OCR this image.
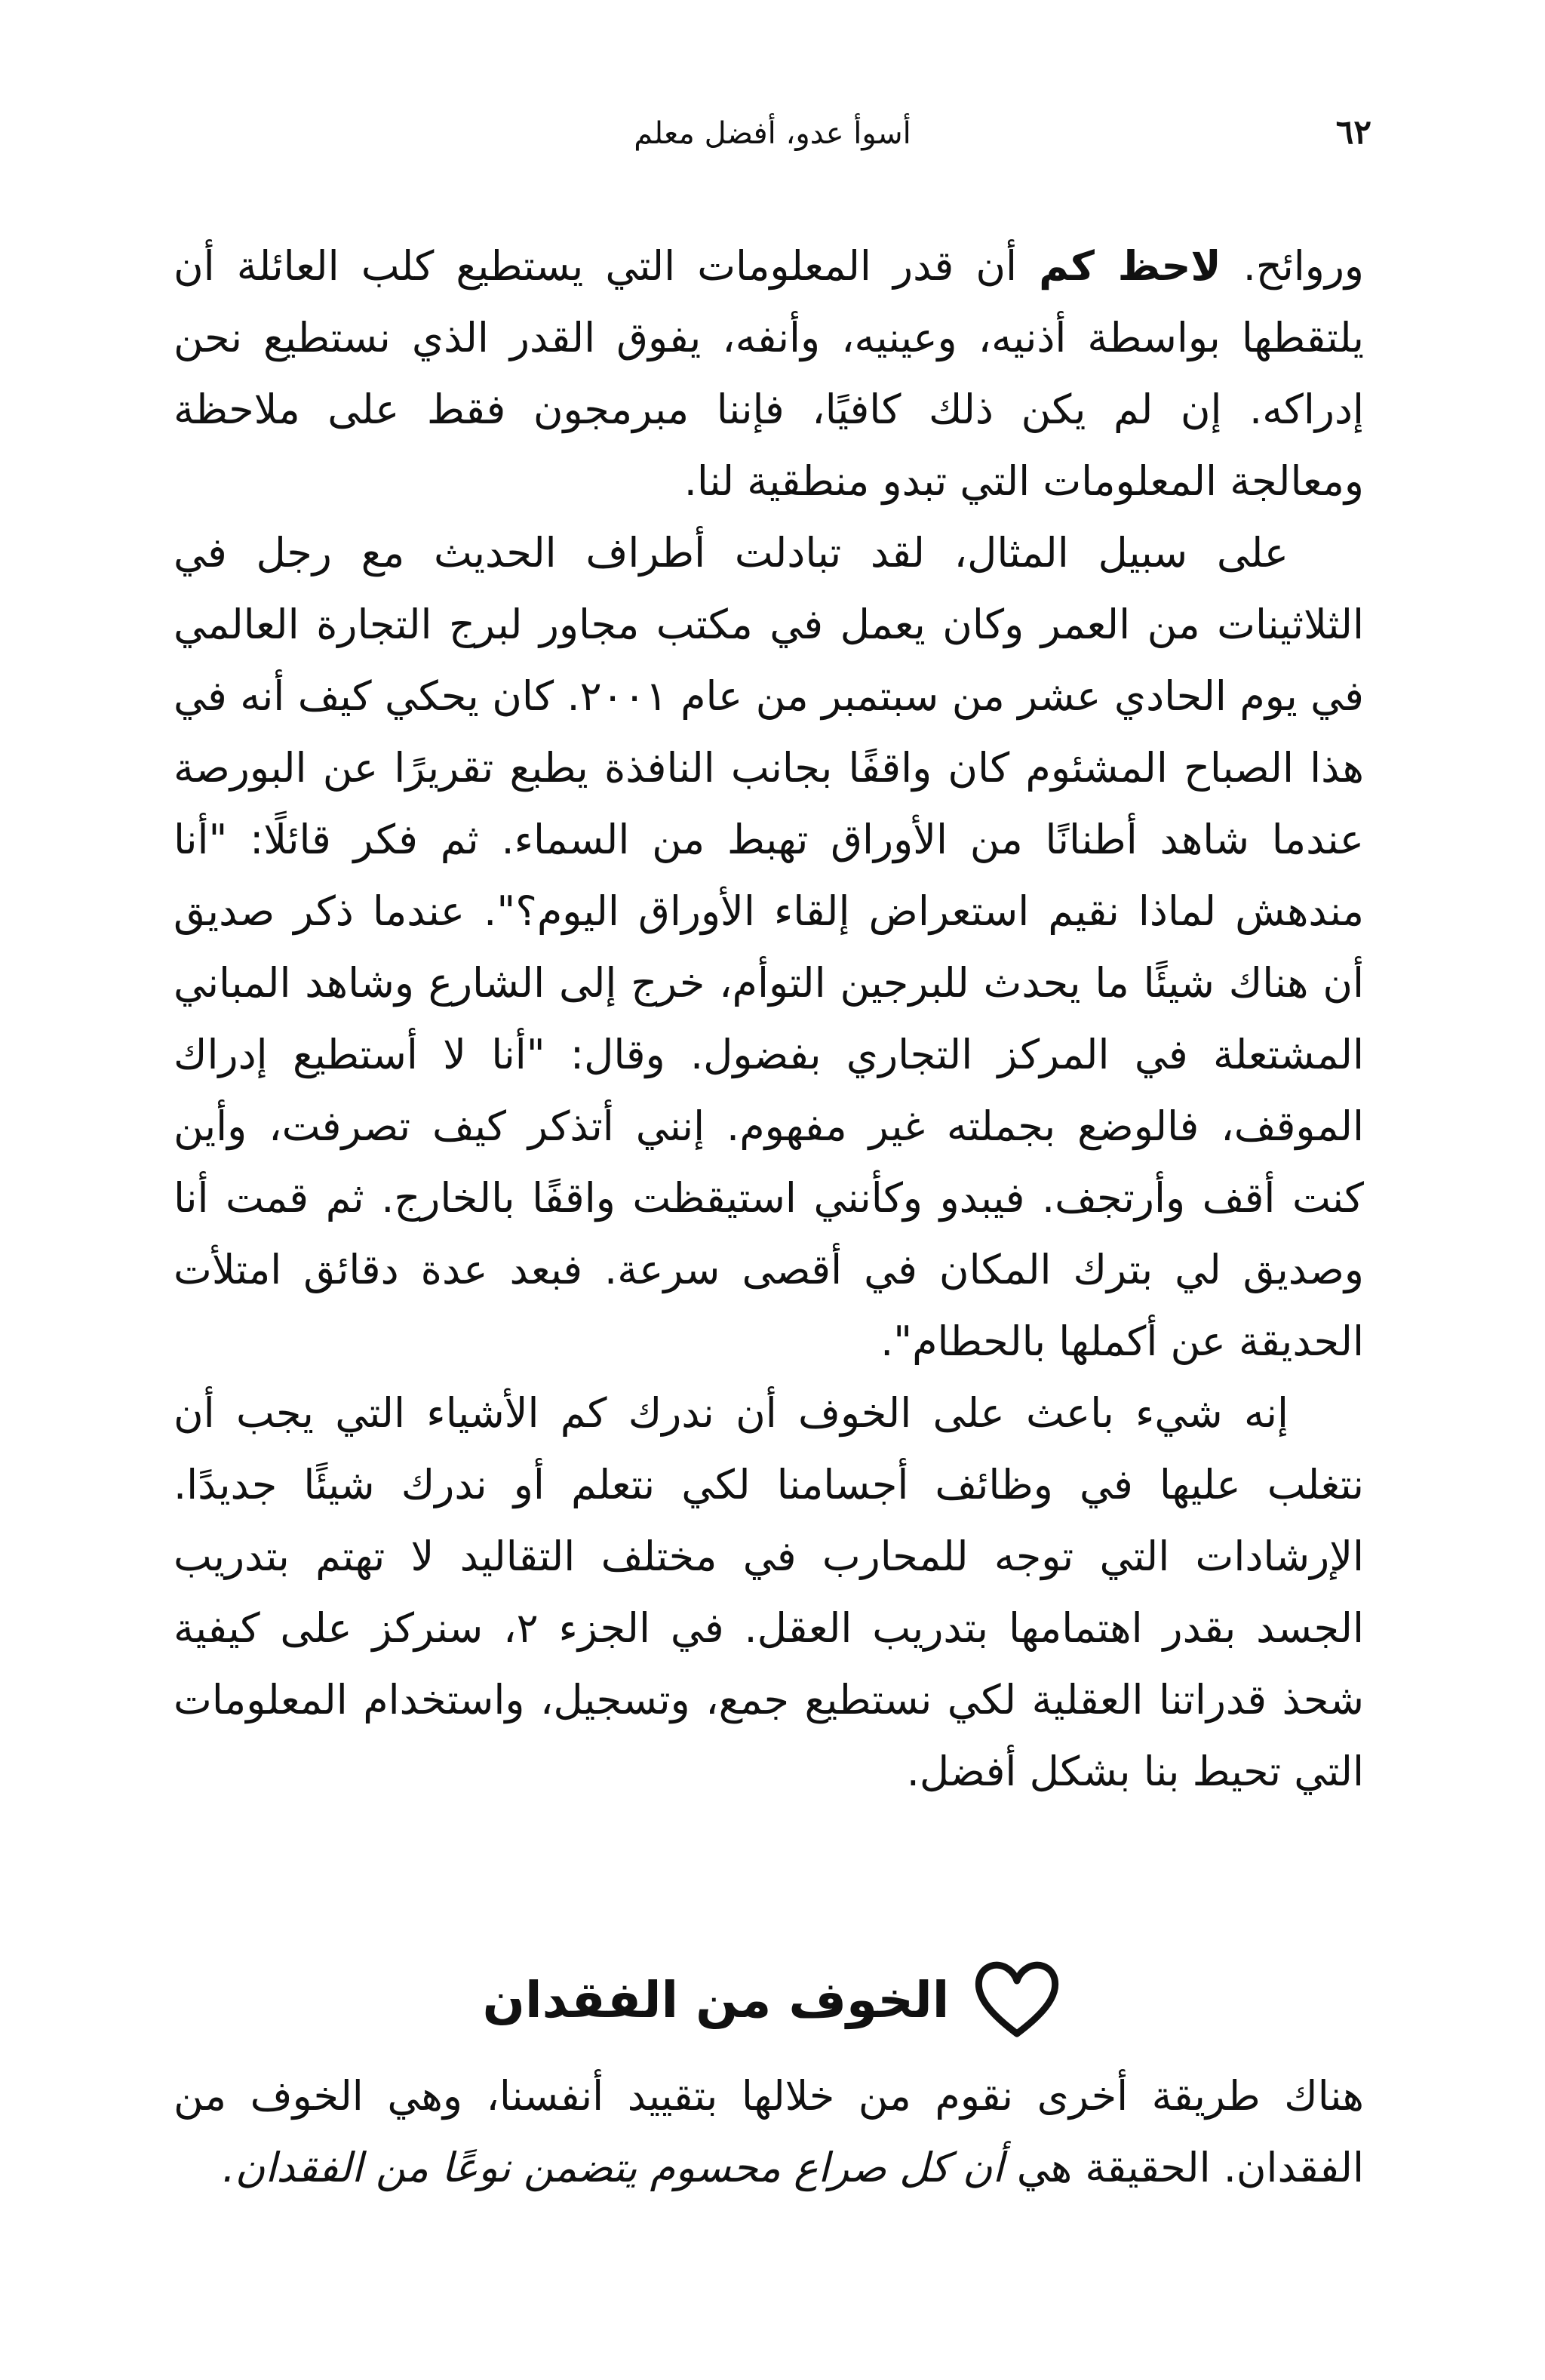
٦٢
أسوأ عدو، أفضل معلم

وروائح. لاحظ كم أن قدر المعلومات التي يستطيع كلب العائلة أن يلتقطها بواسطة أذنيه، وعينيه، وأنفه، يفوق القدر الذي نستطيع نحن إدراكه. إن لم يكن ذلك كافيًا، فإننا مبرمجون فقط على ملاحظة ومعالجة المعلومات التي تبدو منطقية لنا.

على سبيل المثال، لقد تبادلت أطراف الحديث مع رجل في الثلاثينات من العمر وكان يعمل في مكتب مجاور لبرج التجارة العالمي في يوم الحادي عشر من سبتمبر من عام ٢٠٠١. كان يحكي كيف أنه في هذا الصباح المشئوم كان واقفًا بجانب النافذة يطبع تقريرًا عن البورصة عندما شاهد أطنانًا من الأوراق تهبط من السماء. ثم فكر قائلًا: "أنا مندهش لماذا نقيم استعراض إلقاء الأوراق اليوم؟". عندما ذكر صديق أن هناك شيئًا ما يحدث للبرجين التوأم، خرج إلى الشارع وشاهد المباني المشتعلة في المركز التجاري بفضول. وقال: "أنا لا أستطيع إدراك الموقف، فالوضع بجملته غير مفهوم. إنني أتذكر كيف تصرفت، وأين كنت أقف وأرتجف. فيبدو وكأنني استيقظت واقفًا بالخارج. ثم قمت أنا وصديق لي بترك المكان في أقصى سرعة. فبعد عدة دقائق امتلأت الحديقة عن أكملها بالحطام".

إنه شيء باعث على الخوف أن ندرك كم الأشياء التي يجب أن نتغلب عليها في وظائف أجسامنا لكي نتعلم أو ندرك شيئًا جديدًا. الإرشادات التي توجه للمحارب في مختلف التقاليد لا تهتم بتدريب الجسد بقدر اهتمامها بتدريب العقل. في الجزء ٢، سنركز على كيفية شحذ قدراتنا العقلية لكي نستطيع جمع، وتسجيل، واستخدام المعلومات التي تحيط بنا بشكل أفضل.

الخوف من الفقدان

هناك طريقة أخرى نقوم من خلالها بتقييد أنفسنا، وهي الخوف من الفقدان. الحقيقة هي أن كل صراع محسوم يتضمن نوعًا من الفقدان.
